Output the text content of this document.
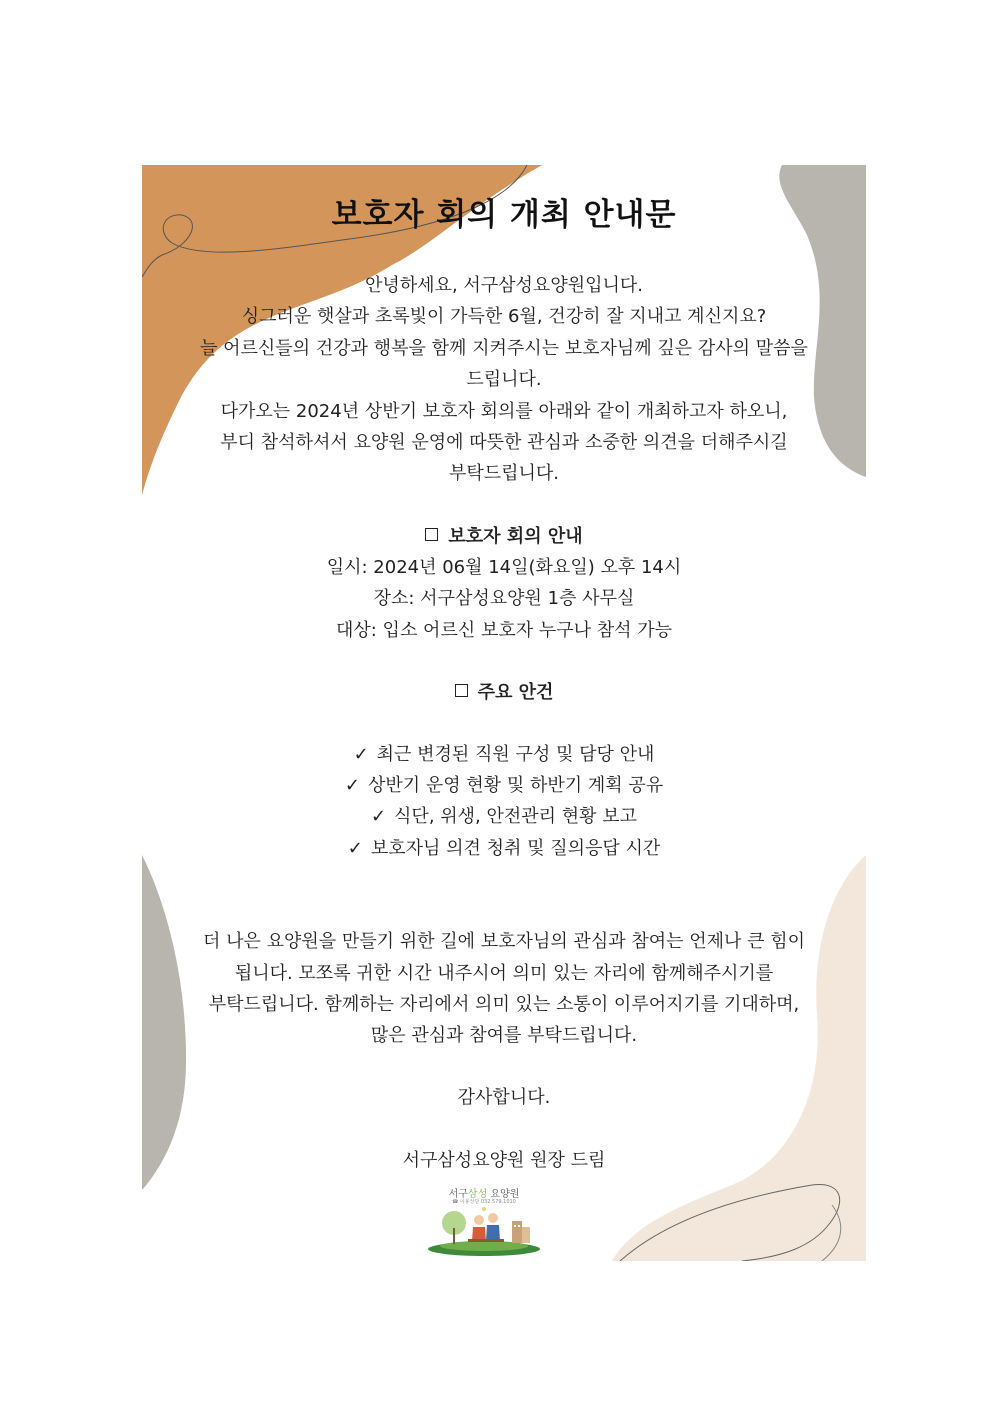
보호자 회의 개최 안내문
안녕하세요, 서구삼성요양원입니다.
싱그러운 햇살과 초록빛이 가득한 6월, 건강히 잘 지내고 계신지요?
늘 어르신들의 건강과 행복을 함께 지켜주시는 보호자님께 깊은 감사의 말씀을
드립니다.
다가오는 2024년 상반기 보호자 회의를 아래와 같이 개최하고자 하오니,
부디 참석하셔서 요양원 운영에 따뜻한 관심과 소중한 의견을 더해주시길
부탁드립니다.
보호자 회의 안내
일시: 2024년 06월 14일(화요일) 오후 14시
장소: 서구삼성요양원 1층 사무실
대상: 입소 어르신 보호자 누구나 참석 가능
주요 안건
✓ 최근 변경된 직원 구성 및 담당 안내
✓ 상반기 운영 현황 및 하반기 계획 공유
✓ 식단, 위생, 안전관리 현황 보고
✓ 보호자님 의견 청취 및 질의응답 시간
더 나은 요양원을 만들기 위한 길에 보호자님의 관심과 참여는 언제나 큰 힘이
됩니다. 모쪼록 귀한 시간 내주시어 의미 있는 자리에 함께해주시기를
부탁드립니다. 함께하는 자리에서 의미 있는 소통이 이루어지기를 기대하며,
많은 관심과 참여를 부탁드립니다.
감사합니다.
서구삼성요양원 원장 드림
서구삼성 요양원
☎ 이용상담 032.579.1010
